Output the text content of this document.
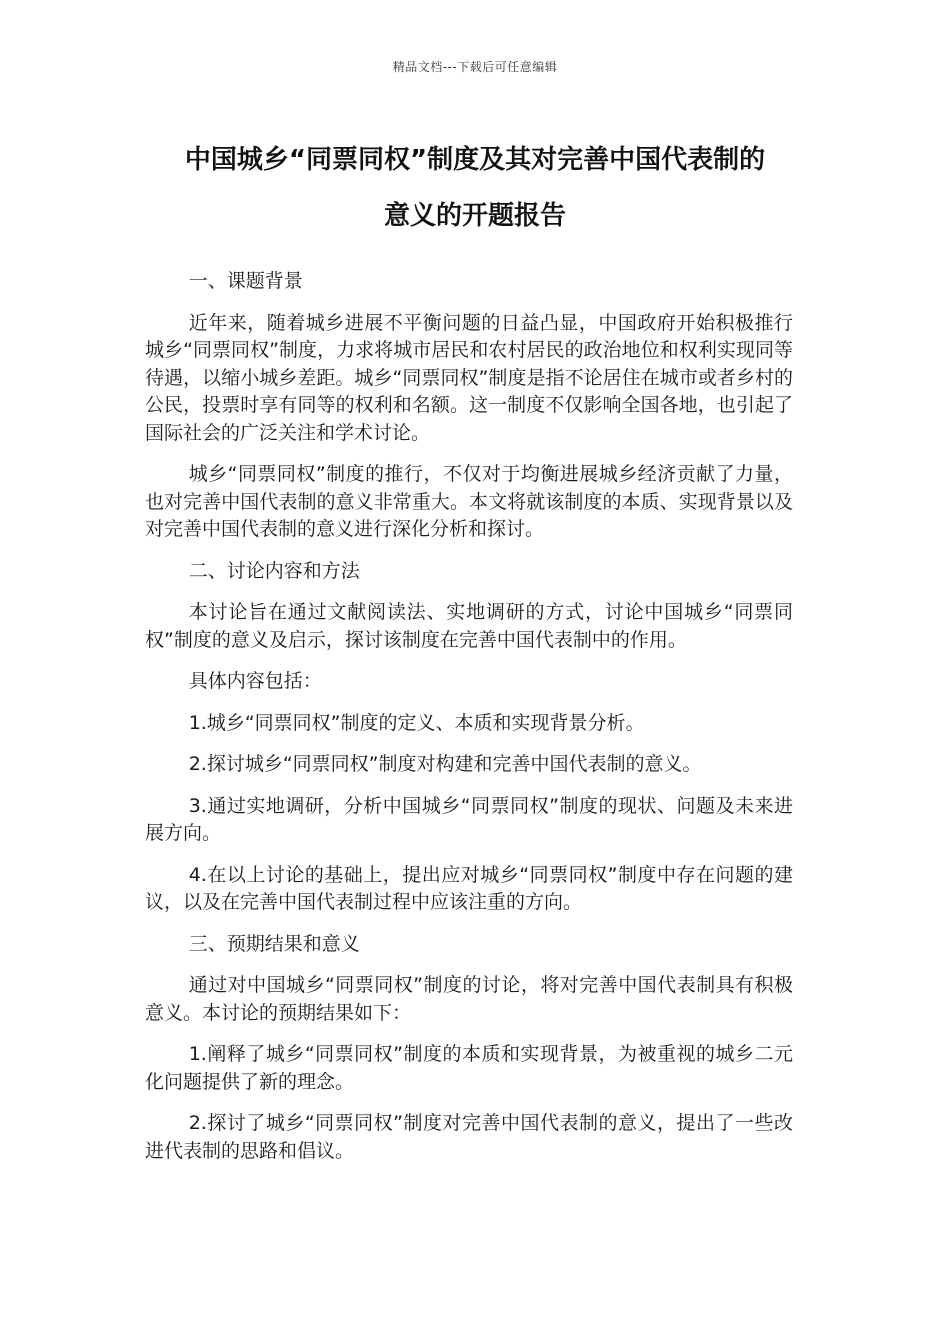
精品文档---下载后可任意编辑
中国城乡“同票同权”制度及其对完善中国代表制的
意义的开题报告

一、课题背景

近年来，随着城乡进展不平衡问题的日益凸显，中国政府开始积极推行城乡“同票同权”制度，力求将城市居民和农村居民的政治地位和权利实现同等待遇，以缩小城乡差距。城乡“同票同权”制度是指不论居住在城市或者乡村的公民，投票时享有同等的权利和名额。这一制度不仅影响全国各地，也引起了国际社会的广泛关注和学术讨论。

城乡“同票同权”制度的推行，不仅对于均衡进展城乡经济贡献了力量，也对完善中国代表制的意义非常重大。本文将就该制度的本质、实现背景以及对完善中国代表制的意义进行深化分析和探讨。

二、讨论内容和方法

本讨论旨在通过文献阅读法、实地调研的方式，讨论中国城乡“同票同权”制度的意义及启示，探讨该制度在完善中国代表制中的作用。

具体内容包括：

1.城乡“同票同权”制度的定义、本质和实现背景分析。

2.探讨城乡“同票同权”制度对构建和完善中国代表制的意义。

3.通过实地调研，分析中国城乡“同票同权”制度的现状、问题及未来进展方向。

4.在以上讨论的基础上，提出应对城乡“同票同权”制度中存在问题的建议，以及在完善中国代表制过程中应该注重的方向。

三、预期结果和意义

通过对中国城乡“同票同权”制度的讨论，将对完善中国代表制具有积极意义。本讨论的预期结果如下：

1.阐释了城乡“同票同权”制度的本质和实现背景，为被重视的城乡二元化问题提供了新的理念。

2.探讨了城乡“同票同权”制度对完善中国代表制的意义，提出了一些改进代表制的思路和倡议。
